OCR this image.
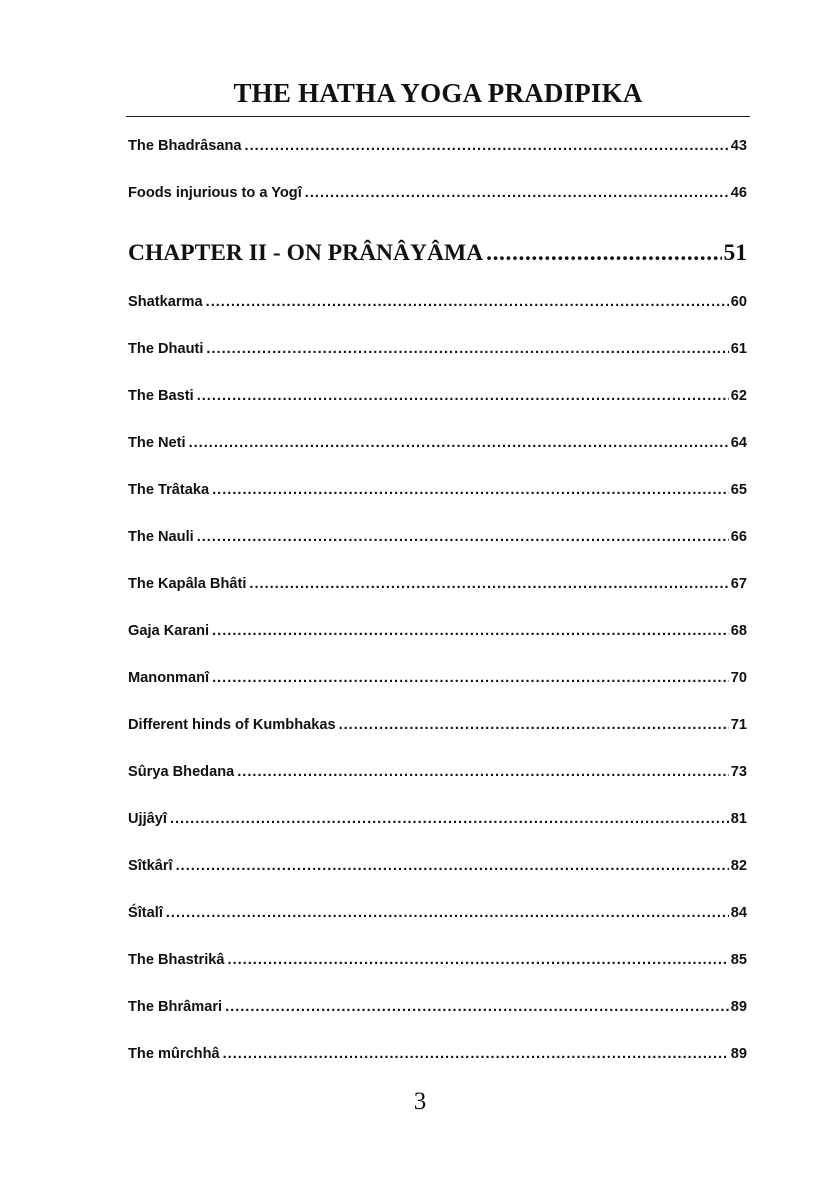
THE HATHA YOGA PRADIPIKA
The Bhadrâsana .....	43
Foods injurious to a Yogî .....	46
CHAPTER II - ON PRÂNÂYÂMA .....	51
Shatkarma .....	60
The Dhauti .....	61
The Basti .....	62
The Neti .....	64
The Trâtaka .....	65
The Nauli .....	66
The Kapâla Bhâti .....	67
Gaja Karani .....	68
Manonmanî .....	70
Different hinds of Kumbhakas .....	71
Sûrya Bhedana .....	73
Ujjâyî .....	81
Sîtkârî .....	82
Śîtalî .....	84
The Bhastrikâ .....	85
The Bhrâmari .....	89
The mûrchhâ .....	89
3
